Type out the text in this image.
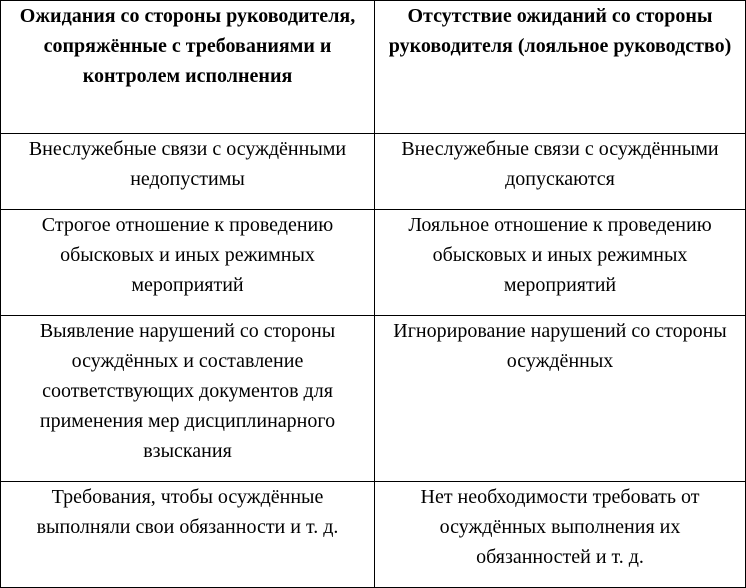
Ожидания со стороны руководителя, сопряжённые с требованиями и контролем исполнения	Отсутствие ожиданий со стороны руководителя (лояльное руководство)

Внеслужебные связи с осуждёнными недопустимы	Внеслужебные связи с осуждёнными допускаются

Строгое отношение к проведению обысковых и иных режимных мероприятий	Лояльное отношение к проведению обысковых и иных режимных мероприятий

Выявление нарушений со стороны осуждённых и составление соответствующих документов для применения мер дисциплинарного взыскания	Игнорирование нарушений со стороны осуждённых

Требования, чтобы осуждённые выполняли свои обязанности и т. д.	Нет необходимости требовать от осуждённых выполнения их обязанностей и т. д.
